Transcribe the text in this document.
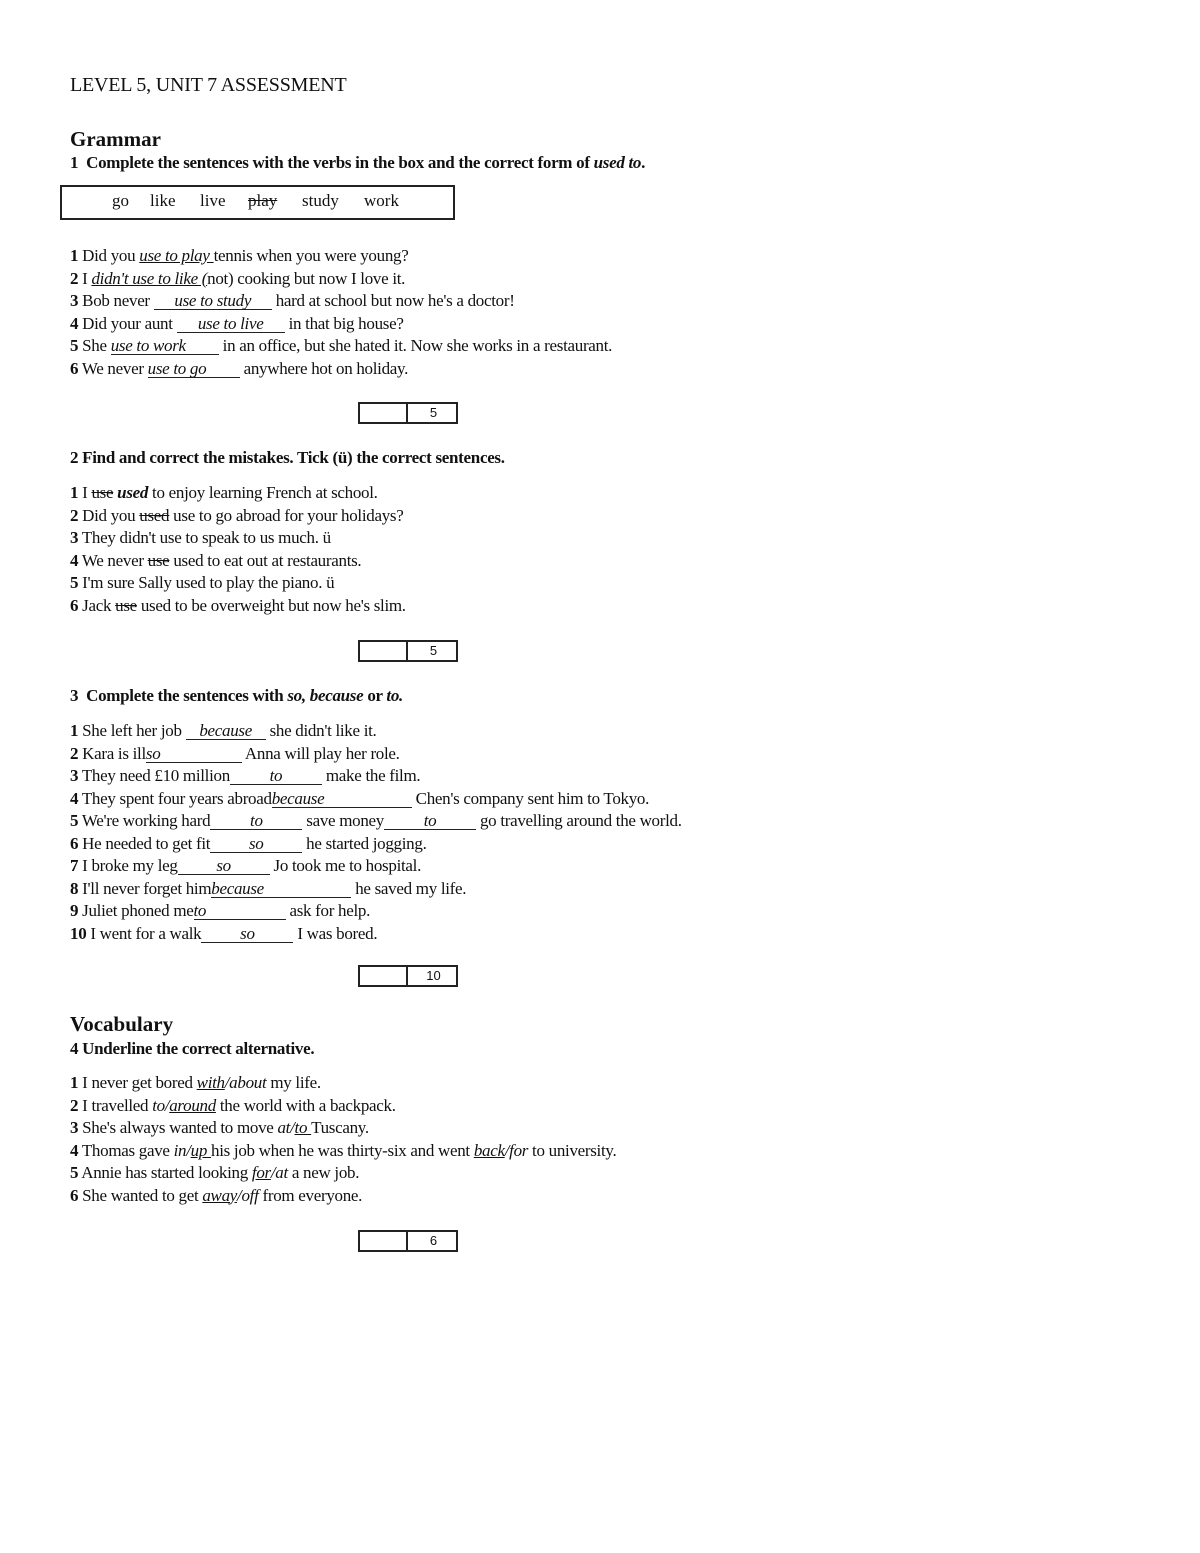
LEVEL 5, UNIT 7 ASSESSMENT
Grammar
1 Complete the sentences with the verbs in the box and the correct form of used to.
go like live play study work
1 Did you use to play tennis when you were young?
2 I didn't use to like (not) cooking but now I love it.
3 Bob never use to study hard at school but now he's a doctor!
4 Did your aunt use to live in that big house?
5 She use to work in an office, but she hated it. Now she works in a restaurant.
6 We never use to go anywhere hot on holiday.
5
2 Find and correct the mistakes. Tick (ü) the correct sentences.
1 I use used to enjoy learning French at school.
2 Did you used use to go abroad for your holidays?
3 They didn't use to speak to us much. ü
4 We never use used to eat out at restaurants.
5 I'm sure Sally used to play the piano. ü
6 Jack use used to be overweight but now he's slim.
5
3 Complete the sentences with so, because or to.
1 She left her job because she didn't like it.
2 Kara is illso	Anna will play her role.
3 They need £10 million to make the film.
4 They spent four years abroadbecause	Chen's company sent him to Tokyo.
5 We're working hard to save money to go travelling around the world.
6 He needed to get fit so he started jogging.
7 I broke my leg so Jo took me to hospital.
8 I'll never forget himbecause	he saved my life.
9 Juliet phoned meto	ask for help.
10 I went for a walk so I was bored.
10
Vocabulary
4 Underline the correct alternative.
1 I never get bored with/about my life.
2 I travelled to/around the world with a backpack.
3 She's always wanted to move at/to Tuscany.
4 Thomas gave in/up his job when he was thirty-six and went back/for to university.
5 Annie has started looking for/at a new job.
6 She wanted to get away/off from everyone.
6
